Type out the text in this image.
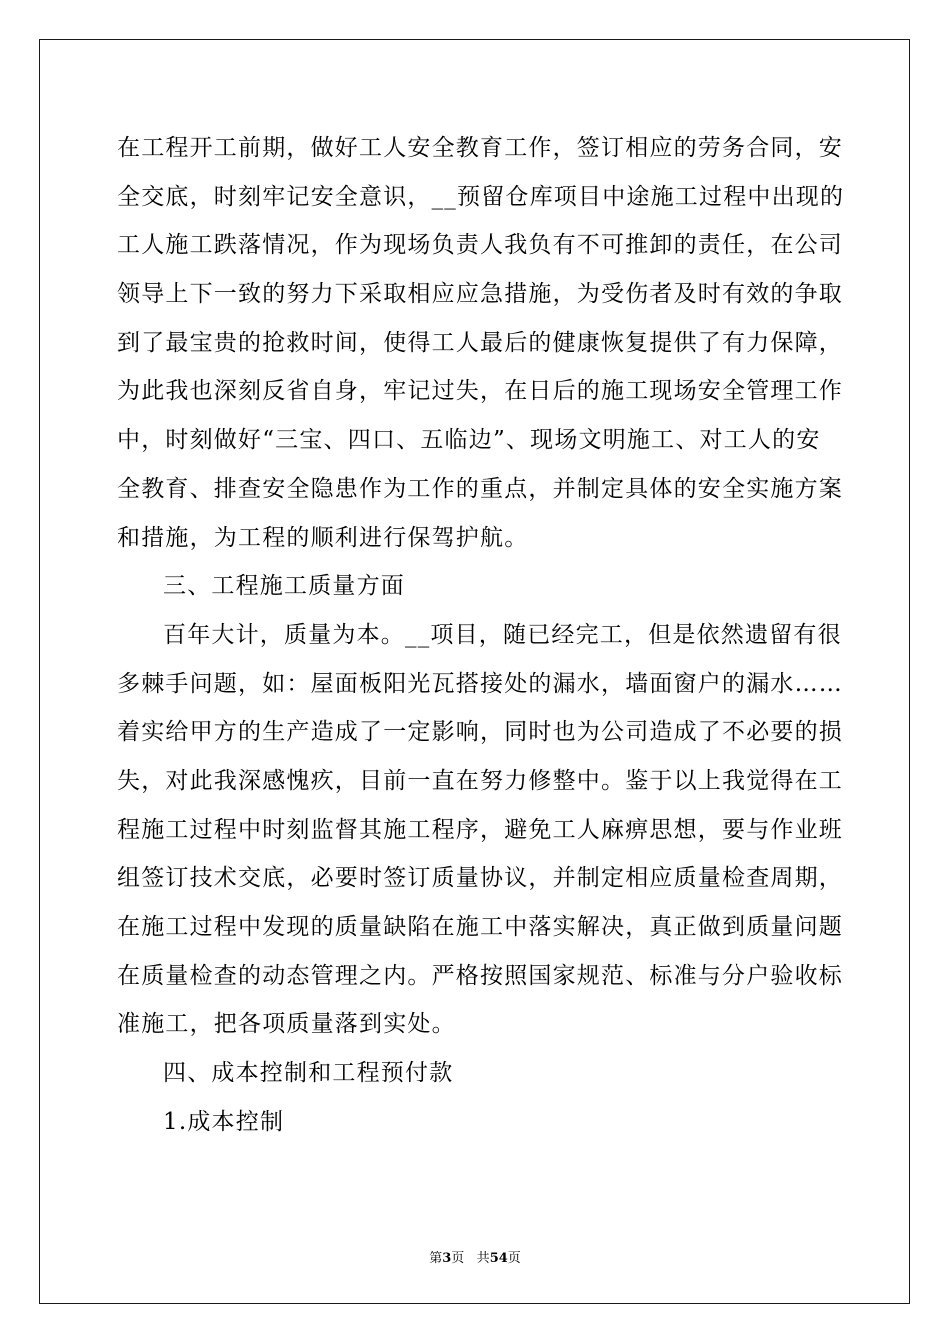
在工程开工前期，做好工人安全教育工作，签订相应的劳务合同，安
全交底，时刻牢记安全意识，__预留仓库项目中途施工过程中出现的
工人施工跌落情况，作为现场负责人我负有不可推卸的责任，在公司
领导上下一致的努力下采取相应应急措施，为受伤者及时有效的争取
到了最宝贵的抢救时间，使得工人最后的健康恢复提供了有力保障，
为此我也深刻反省自身，牢记过失，在日后的施工现场安全管理工作
中，时刻做好“三宝、四口、五临边”、现场文明施工、对工人的安
全教育、排查安全隐患作为工作的重点，并制定具体的安全实施方案
和措施，为工程的顺利进行保驾护航。
三、工程施工质量方面
百年大计，质量为本。__项目，随已经完工，但是依然遗留有很
多棘手问题，如：屋面板阳光瓦搭接处的漏水，墙面窗户的漏水……
着实给甲方的生产造成了一定影响，同时也为公司造成了不必要的损
失，对此我深感愧疚，目前一直在努力修整中。鉴于以上我觉得在工
程施工过程中时刻监督其施工程序，避免工人麻痹思想，要与作业班
组签订技术交底，必要时签订质量协议，并制定相应质量检查周期，
在施工过程中发现的质量缺陷在施工中落实解决，真正做到质量问题
在质量检查的动态管理之内。严格按照国家规范、标准与分户验收标
准施工，把各项质量落到实处。
四、成本控制和工程预付款
1.成本控制
第3页 共54页
